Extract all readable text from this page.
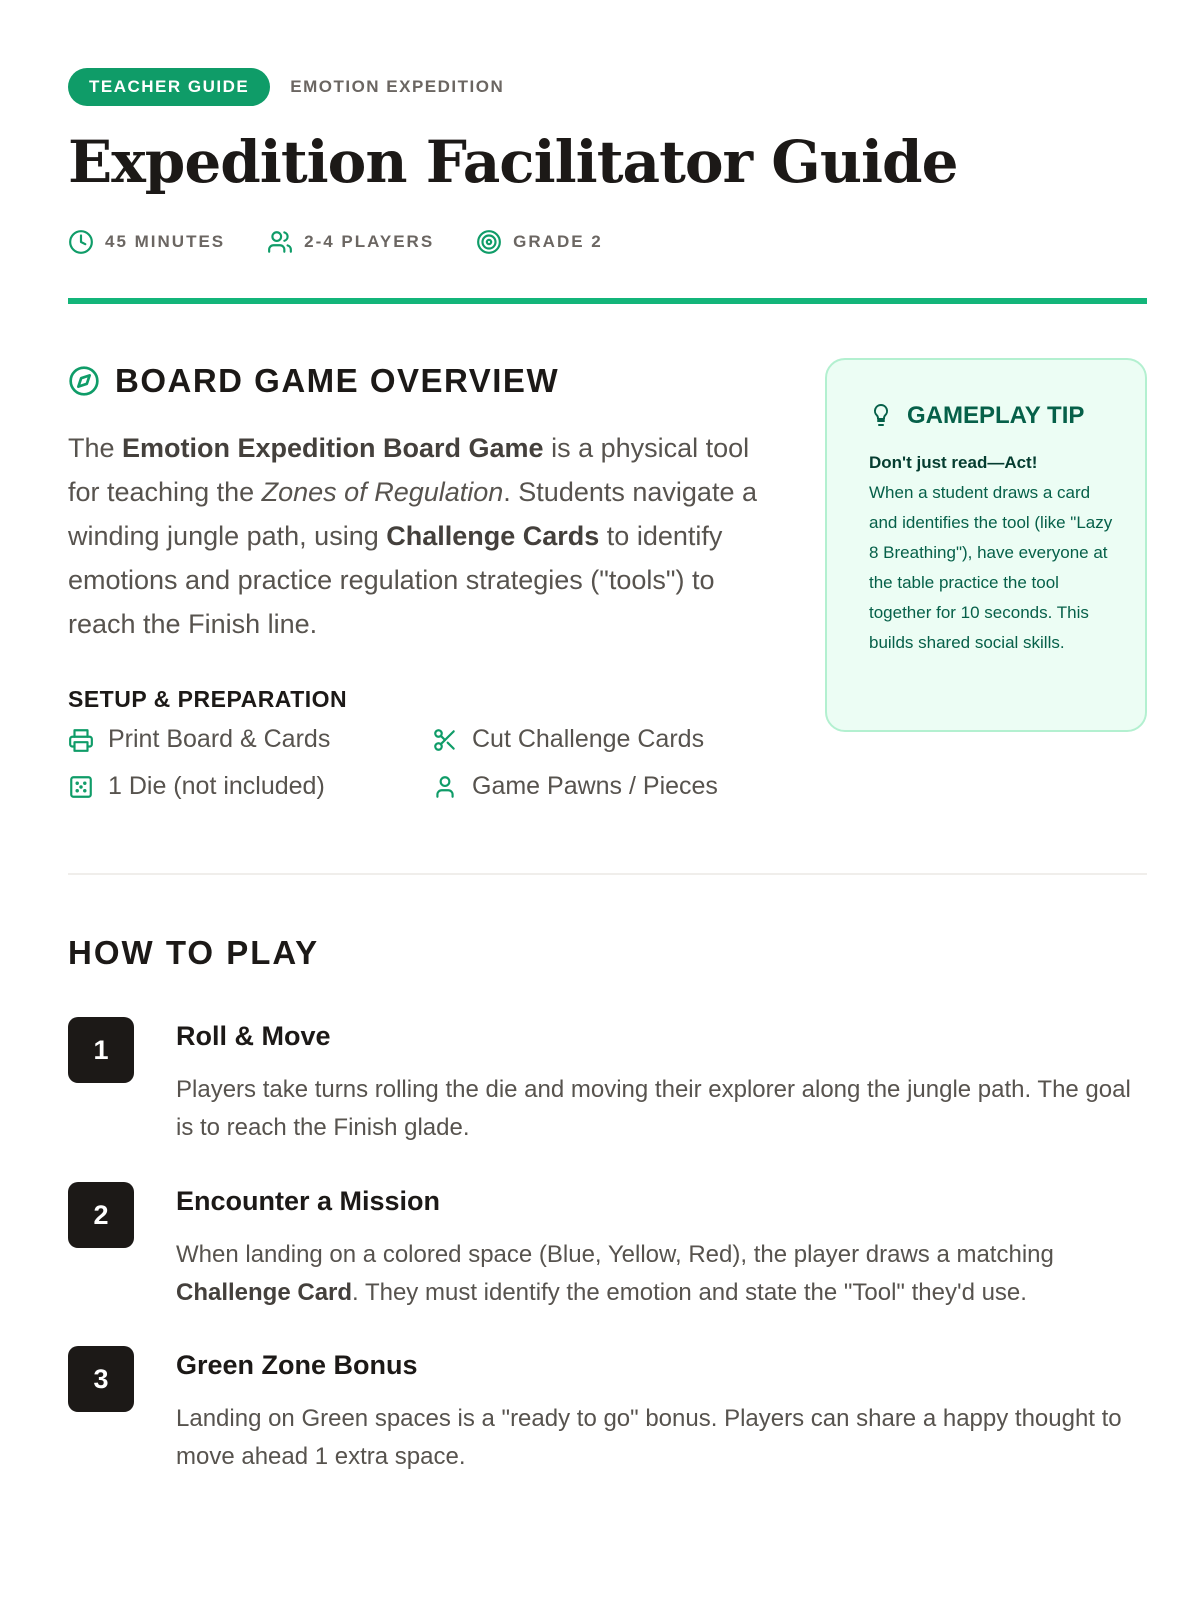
TEACHER GUIDE	EMOTION EXPEDITION
Expedition Facilitator Guide
45 MINUTES	2-4 PLAYERS	GRADE 2
BOARD GAME OVERVIEW

The Emotion Expedition Board Game is a physical tool for teaching the Zones of Regulation. Students navigate a winding jungle path, using Challenge Cards to identify emotions and practice regulation strategies ("tools") to reach the Finish line.

SETUP & PREPARATION
Print Board & Cards	Cut Challenge Cards
1 Die (not included)	Game Pawns / Pieces
GAMEPLAY TIP
Don't just read—Act!
When a student draws a card and identifies the tool (like "Lazy 8 Breathing"), have everyone at the table practice the tool together for 10 seconds. This builds shared social skills.
HOW TO PLAY
1	Roll & Move

Players take turns rolling the die and moving their explorer along the jungle path. The goal is to reach the Finish glade.

2	Encounter a Mission

When landing on a colored space (Blue, Yellow, Red), the player draws a matching Challenge Card. They must identify the emotion and state the "Tool" they'd use.

3	Green Zone Bonus

Landing on Green spaces is a "ready to go" bonus. Players can share a happy thought to move ahead 1 extra space.
